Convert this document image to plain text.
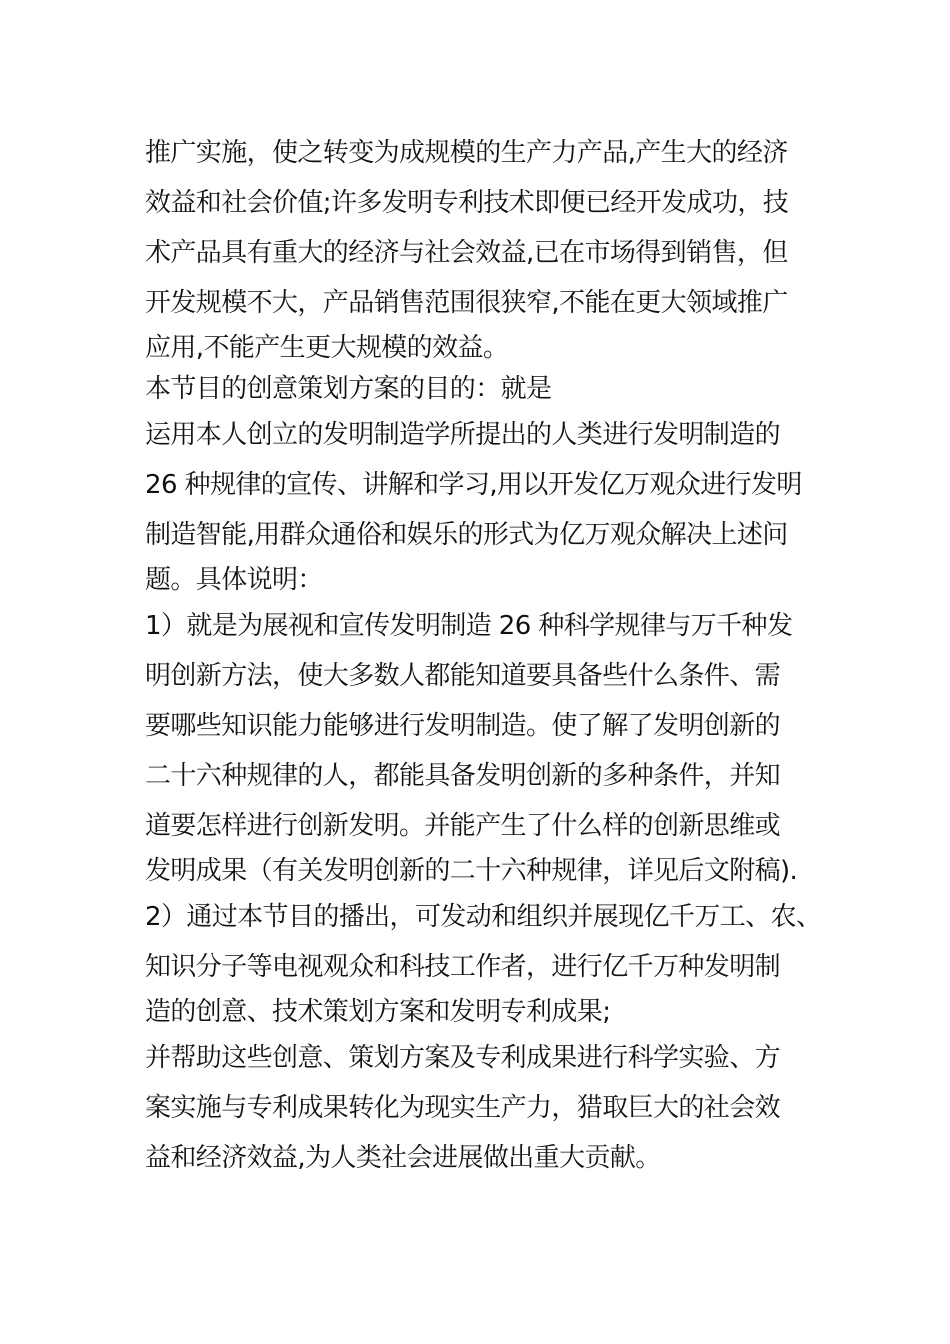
推广实施，使之转变为成规模的生产力产品,产生大的经济
效益和社会价值;许多发明专利技术即便已经开发成功，技
术产品具有重大的经济与社会效益,已在市场得到销售，但
开发规模不大，产品销售范围很狭窄,不能在更大领域推广
应用,不能产生更大规模的效益。
本节目的创意策划方案的目的：就是
运用本人创立的发明制造学所提出的人类进行发明制造的
26 种规律的宣传、讲解和学习,用以开发亿万观众进行发明
制造智能,用群众通俗和娱乐的形式为亿万观众解决上述问
题。具体说明：
1）就是为展视和宣传发明制造 26 种科学规律与万千种发
明创新方法，使大多数人都能知道要具备些什么条件、需
要哪些知识能力能够进行发明制造。使了解了发明创新的
二十六种规律的人，都能具备发明创新的多种条件，并知
道要怎样进行创新发明。并能产生了什么样的创新思维或
发明成果（有关发明创新的二十六种规律，详见后文附稿).
2）通过本节目的播出，可发动和组织并展现亿千万工、农、
知识分子等电视观众和科技工作者，进行亿千万种发明制
造的创意、技术策划方案和发明专利成果;
并帮助这些创意、策划方案及专利成果进行科学实验、方
案实施与专利成果转化为现实生产力，猎取巨大的社会效
益和经济效益,为人类社会进展做出重大贡献。
